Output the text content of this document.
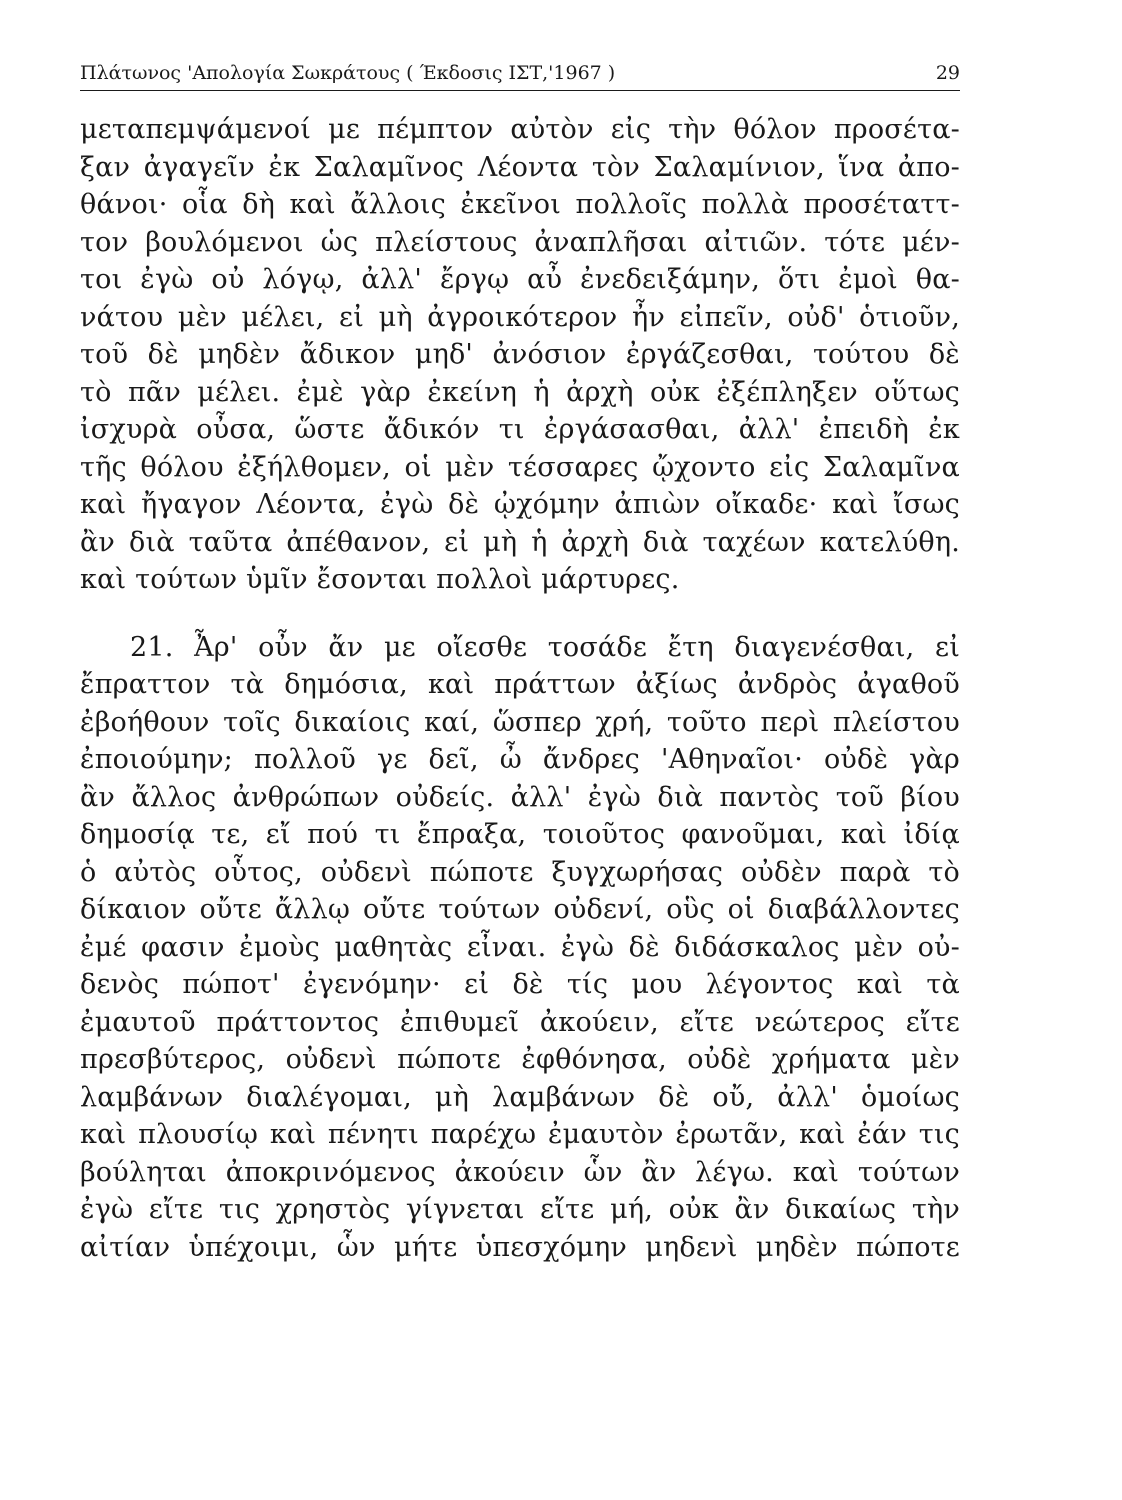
Πλάτωνος 'Απολογία Σωκράτους ( Έκδοσις ΙΣΤ,'1967 )	29
μεταπεμψάμενοί με πέμπτον αὐτὸν εἰς τὴν θόλον προσέτα-
ξαν ἀγαγεῖν ἐκ Σαλαμῖνος Λέοντα τὸν Σαλαμίνιον, ἵνα ἀπο-
θάνοι· οἷα δὴ καὶ ἄλλοις ἐκεῖνοι πολλοῖς πολλὰ προσέταττ-
τον βουλόμενοι ὡς πλείστους ἀναπλῆσαι αἰτιῶν. τότε μέν-
τοι ἐγὼ οὐ λόγῳ, ἀλλ' ἔργῳ αὖ ἐνεδειξάμην, ὅτι ἐμοὶ θα-
νάτου μὲν μέλει, εἰ μὴ ἀγροικότερον ἦν εἰπεῖν, οὐδ' ὁτιοῦν,
τοῦ δὲ μηδὲν ἄδικον μηδ' ἀνόσιον ἐργάζεσθαι, τούτου δὲ
τὸ πᾶν μέλει. ἐμὲ γὰρ ἐκείνη ἡ ἀρχὴ οὐκ ἐξέπληξεν οὕτως
ἰσχυρὰ οὖσα, ὥστε ἄδικόν τι ἐργάσασθαι, ἀλλ' ἐπειδὴ ἐκ
τῆς θόλου ἐξήλθομεν, οἱ μὲν τέσσαρες ᾤχοντο εἰς Σαλαμῖνα
καὶ ἤγαγον Λέοντα, ἐγὼ δὲ ᾠχόμην ἀπιὼν οἴκαδε· καὶ ἴσως
ἂν διὰ ταῦτα ἀπέθανον, εἰ μὴ ἡ ἀρχὴ διὰ ταχέων κατελύθη.
καὶ τούτων ὑμῖν ἔσονται πολλοὶ μάρτυρες.
21. Ἆρ' οὖν ἄν με οἴεσθε τοσάδε ἔτη διαγενέσθαι, εἰ
ἔπραττον τὰ δημόσια, καὶ πράττων ἀξίως ἀνδρὸς ἀγαθοῦ
ἐβοήθουν τοῖς δικαίοις καί, ὥσπερ χρή, τοῦτο περὶ πλείστου
ἐποιούμην; πολλοῦ γε δεῖ, ὦ ἄνδρες 'Αθηναῖοι· οὐδὲ γὰρ
ἂν ἄλλος ἀνθρώπων οὐδείς. ἀλλ' ἐγὼ διὰ παντὸς τοῦ βίου
δημοσίᾳ τε, εἴ πού τι ἔπραξα, τοιοῦτος φανοῦμαι, καὶ ἰδίᾳ
ὁ αὐτὸς οὗτος, οὐδενὶ πώποτε ξυγχωρήσας οὐδὲν παρὰ τὸ
δίκαιον οὔτε ἄλλῳ οὔτε τούτων οὐδενί, οὓς οἱ διαβάλλοντες
ἐμέ φασιν ἐμοὺς μαθητὰς εἶναι. ἐγὼ δὲ διδάσκαλος μὲν οὐ-
δενὸς πώποτ' ἐγενόμην· εἰ δὲ τίς μου λέγοντος καὶ τὰ
ἐμαυτοῦ πράττοντος ἐπιθυμεῖ ἀκούειν, εἴτε νεώτερος εἴτε
πρεσβύτερος, οὐδενὶ πώποτε ἐφθόνησα, οὐδὲ χρήματα μὲν
λαμβάνων διαλέγομαι, μὴ λαμβάνων δὲ οὔ, ἀλλ' ὁμοίως
καὶ πλουσίῳ καὶ πένητι παρέχω ἐμαυτὸν ἐρωτᾶν, καὶ ἐάν τις
βούληται ἀποκρινόμενος ἀκούειν ὧν ἂν λέγω. καὶ τούτων
ἐγὼ εἴτε τις χρηστὸς γίγνεται εἴτε μή, οὐκ ἂν δικαίως τὴν
αἰτίαν ὑπέχοιμι, ὧν μήτε ὑπεσχόμην μηδενὶ μηδὲν πώποτε
